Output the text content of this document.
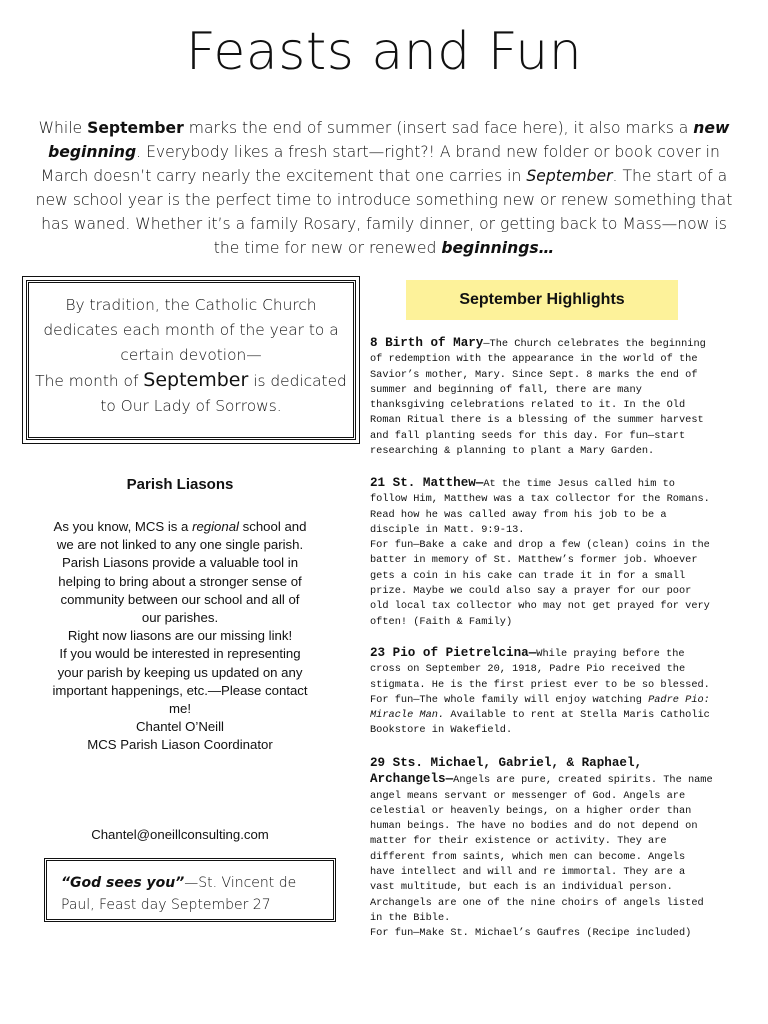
Feasts and Fun

While September marks the end of summer (insert sad face here), it also marks a new beginning. Everybody likes a fresh start—right?! A brand new folder or book cover in March doesn’t carry nearly the excitement that one carries in September. The start of a new school year is the perfect time to introduce something new or renew something that has waned. Whether it’s a family Rosary, family dinner, or getting back to Mass—now is the time for new or renewed beginnings…

By tradition, the Catholic Church dedicates each month of the year to a certain devotion—
The month of September is dedicated to Our Lady of Sorrows.

Parish Liasons

As you know, MCS is a regional school and we are not linked to any one single parish. Parish Liasons provide a valuable tool in helping to bring about a stronger sense of community between our school and all of our parishes.
Right now liasons are our missing link!
If you would be interested in representing your parish by keeping us updated on any important happenings, etc.—Please contact me!
Chantel O’Neill
MCS Parish Liason Coordinator

Chantel@oneillconsulting.com

“God sees you”—St. Vincent de Paul, Feast day September 27
September Highlights

8 Birth of Mary—The Church celebrates the beginning of redemption with the appearance in the world of the Savior’s mother, Mary. Since Sept. 8 marks the end of summer and beginning of fall, there are many thanksgiving celebrations related to it. In the Old Roman Ritual there is a blessing of the summer harvest and fall planting seeds for this day. For fun—start researching & planning to plant a Mary Garden.

21 St. Matthew—At the time Jesus called him to follow Him, Matthew was a tax collector for the Romans. Read how he was called away from his job to be a disciple in Matt. 9:9-13.

For fun—Bake a cake and drop a few (clean) coins in the batter in memory of St. Matthew’s former job. Whoever gets a coin in his cake can trade it in for a small prize. Maybe we could also say a prayer for our poor old local tax collector who may not get prayed for very often! (Faith & Family)

23 Pio of Pietrelcina—While praying before the cross on September 20, 1918, Padre Pio received the stigmata. He is the first priest ever to be so blessed.

For fun—The whole family will enjoy watching Padre Pio: Miracle Man. Available to rent at Stella Maris Catholic Bookstore in Wakefield.

29 Sts. Michael, Gabriel, & Raphael, Archangels—Angels are pure, created spirits. The name angel means servant or messenger of God. Angels are celestial or heavenly beings, on a higher order than human beings. The have no bodies and do not depend on matter for their existence or activity. They are different from saints, which men can become. Angels have intellect and will and re immortal. They are a vast multitude, but each is an individual person. Archangels are one of the nine choirs of angels listed in the Bible.

For fun—Make St. Michael’s Gaufres (Recipe included)
